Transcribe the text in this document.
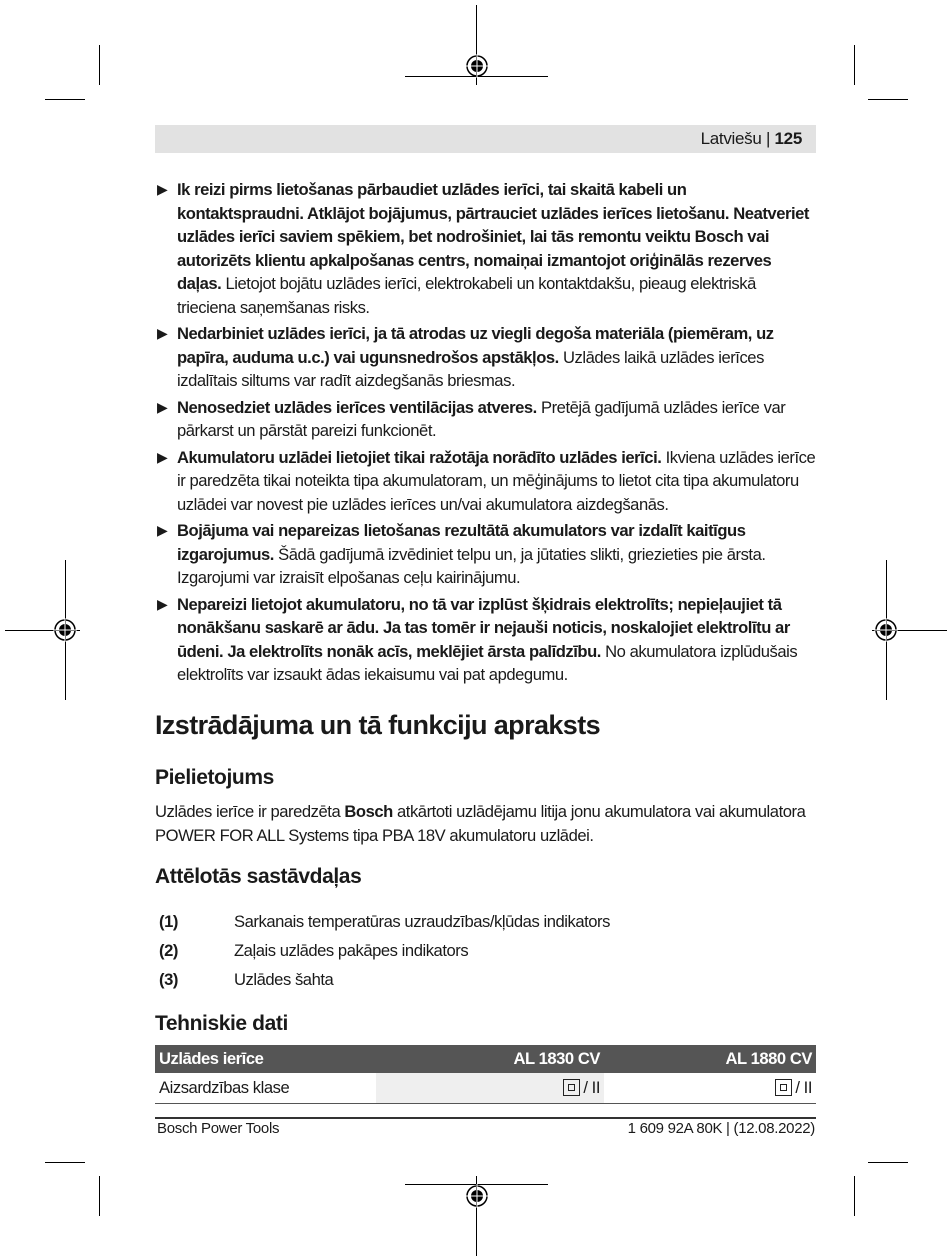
Latviešu | 125
▶ Ik reizi pirms lietošanas pārbaudiet uzlādes ierīci, tai skaitā kabeli un kontaktspraudni. Atklājot bojājumus, pārtrauciet uzlādes ierīces lietošanu. Neatveriet uzlādes ierīci saviem spēkiem, bet nodrošiniet, lai tās remontu veiktu Bosch vai autorizēts klientu apkalpošanas centrs, nomaiņai izmantojot oriģinālās rezerves daļas. Lietojot bojātu uzlādes ierīci, elektrokabeli un kontaktdakšu, pieaug elektriskā trieciena saņemšanas risks.
▶ Nedarbiniet uzlādes ierīci, ja tā atrodas uz viegli degoša materiāla (piemēram, uz papīra, auduma u.c.) vai ugunsnedrošos apstākļos. Uzlādes laikā uzlādes ierīces izdalītais siltums var radīt aizdegšanās briesmas.
▶ Nenosedziet uzlādes ierīces ventilācijas atveres. Pretējā gadījumā uzlādes ierīce var pārkarst un pārstāt pareizi funkcionēt.
▶ Akumulatoru uzlādei lietojiet tikai ražotāja norādīto uzlādes ierīci. Ikviena uzlādes ierīce ir paredzēta tikai noteikta tipa akumulatoram, un mēģinājums to lietot cita tipa akumulatoru uzlādei var novest pie uzlādes ierīces un/vai akumulatora aizdegšanās.
▶ Bojājuma vai nepareizas lietošanas rezultātā akumulators var izdalīt kaitīgus izgarojumus. Šādā gadījumā izvēdiniet telpu un, ja jūtaties slikti, griezieties pie ārsta. Izgarojumi var izraisīt elpošanas ceļu kairinājumu.
▶ Nepareizi lietojot akumulatoru, no tā var izplūst šķidrais elektrolīts; nepieļaujiet tā nonākšanu saskarē ar ādu. Ja tas tomēr ir nejauši noticis, noskalojiet elektrolītu ar ūdeni. Ja elektrolīts nonāk acīs, meklējiet ārsta palīdzību. No akumulatora izplūdušais elektrolīts var izsaukt ādas iekaisumu vai pat apdegumu.
Izstrādājuma un tā funkciju apraksts
Pielietojums
Uzlādes ierīce ir paredzēta Bosch atkārtoti uzlādējamu litija jonu akumulatora vai akumulatora POWER FOR ALL Systems tipa PBA 18V akumulatoru uzlādei.
Attēlotās sastāvdaļas
(1)	Sarkanais temperatūras uzraudzības/kļūdas indikators
(2)	Zaļais uzlādes pakāpes indikators
(3)	Uzlādes šahta
Tehniskie dati
Uzlādes ierīce	AL 1830 CV	AL 1880 CV
Aizsardzības klase	/ II	/ II
Bosch Power Tools	1 609 92A 80K | (12.08.2022)
